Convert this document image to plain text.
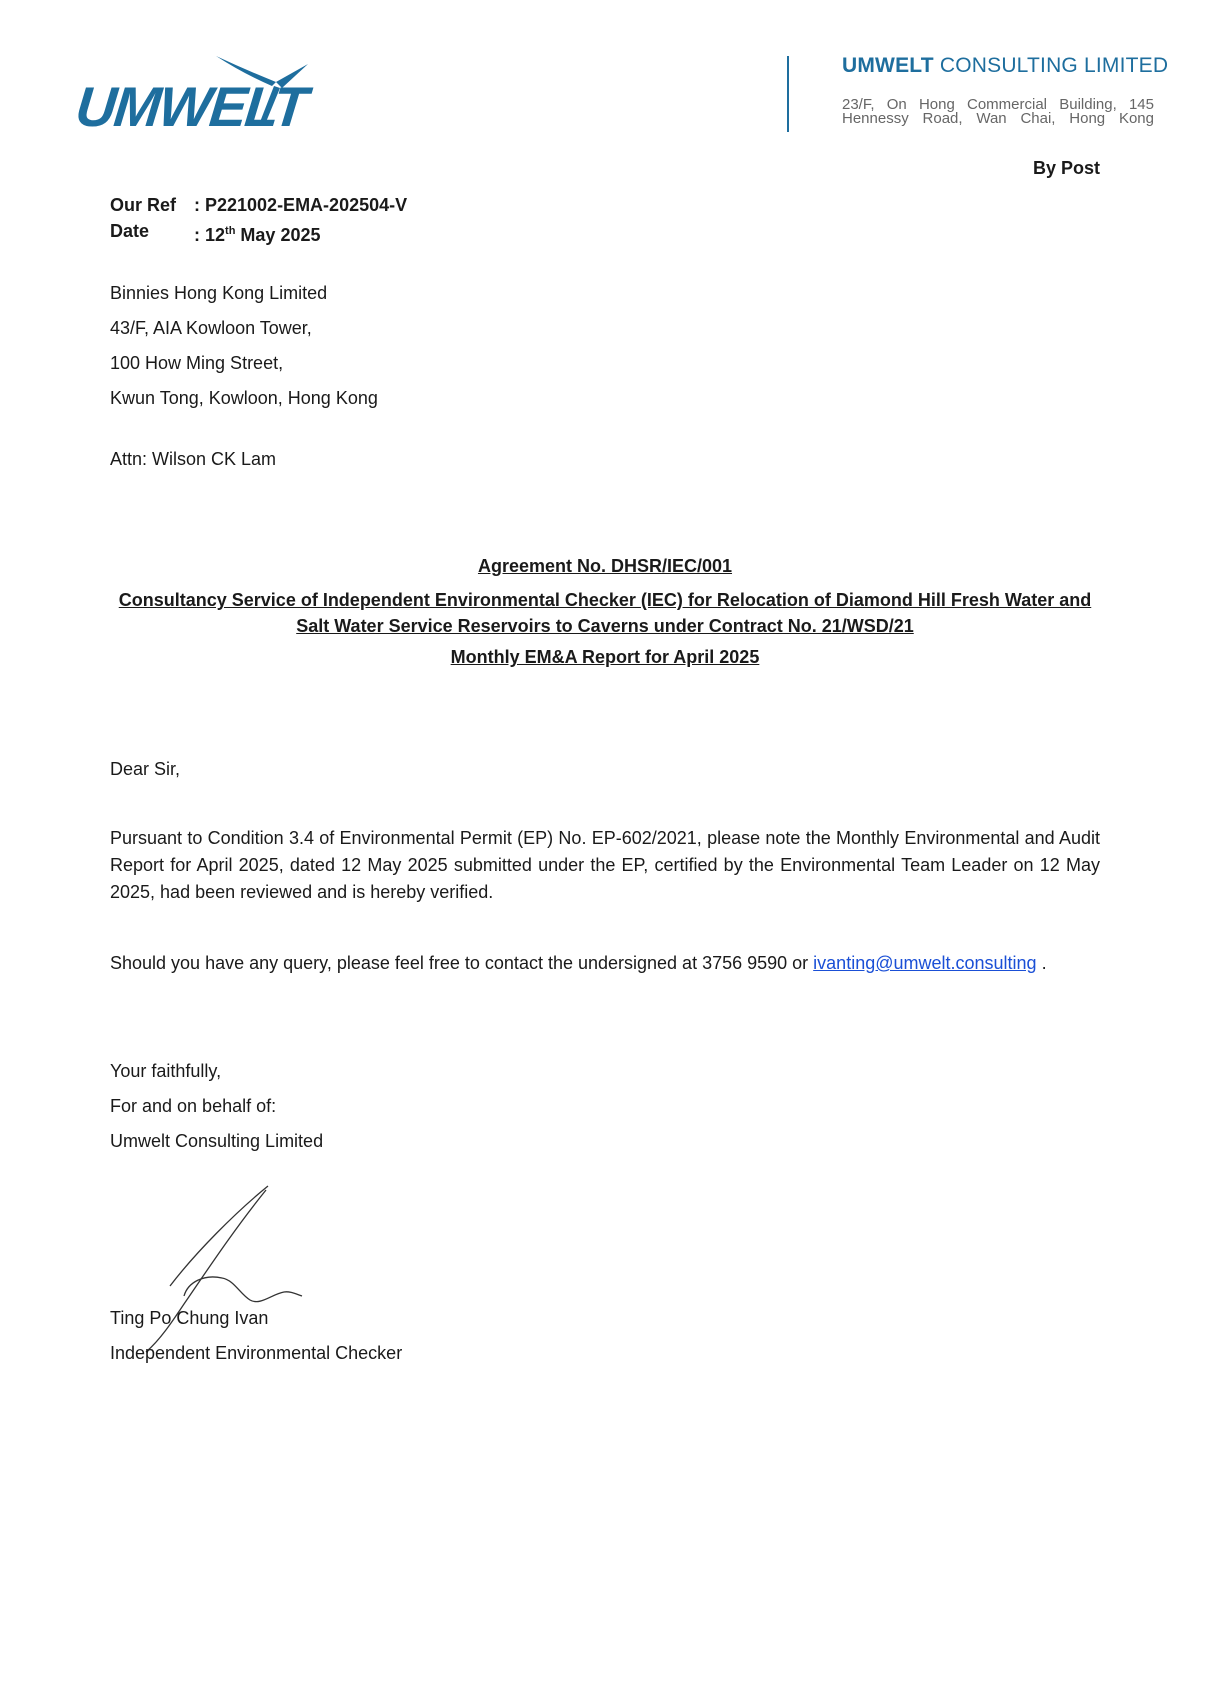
UMWELT
UMWELT CONSULTING LIMITED
23/F, On Hong Commercial Building, 145 Hennessy Road, Wan Chai, Hong Kong
By Post
Our Ref : P221002-EMA-202504-V
Date	: 12th May 2025
Binnies Hong Kong Limited
43/F, AIA Kowloon Tower,
100 How Ming Street,
Kwun Tong, Kowloon, Hong Kong
Attn: Wilson CK Lam
Agreement No. DHSR/IEC/001
Consultancy Service of Independent Environmental Checker (IEC) for Relocation of Diamond Hill Fresh Water and Salt Water Service Reservoirs to Caverns under Contract No. 21/WSD/21
Monthly EM&A Report for April 2025
Dear Sir,
Pursuant to Condition 3.4 of Environmental Permit (EP) No. EP-602/2021, please note the Monthly Environmental and Audit Report for April 2025, dated 12 May 2025 submitted under the EP, certified by the Environmental Team Leader on 12 May 2025, had been reviewed and is hereby verified.
Should you have any query, please feel free to contact the undersigned at 3756 9590 or ivanting@umwelt.consulting .
Your faithfully,
For and on behalf of:
Umwelt Consulting Limited
Ting Po Chung Ivan
Independent Environmental Checker
